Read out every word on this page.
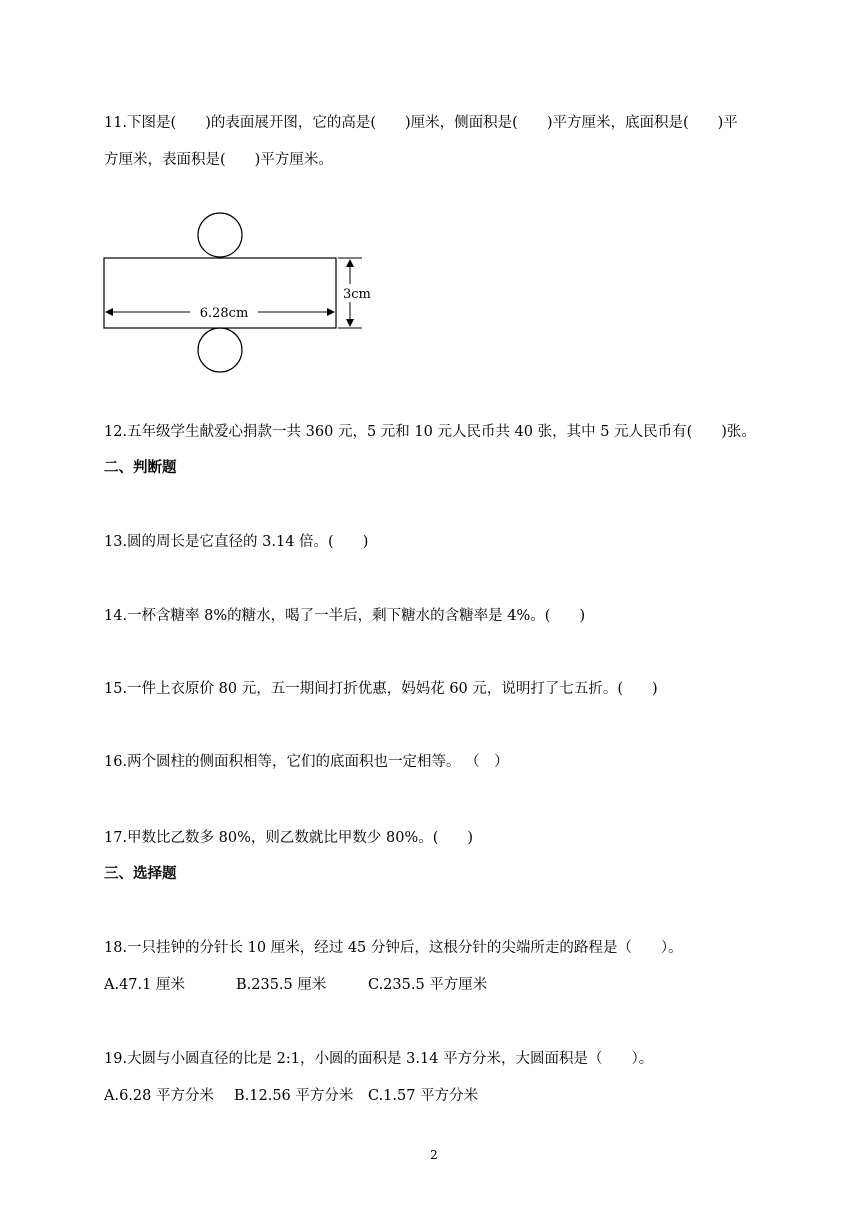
11.下图是(　　)的表面展开图，它的高是(　　)厘米，侧面积是(　　)平方厘米，底面积是(　　)平
方厘米，表面积是(　　)平方厘米。
6.28cm
3cm
12.五年级学生献爱心捐款一共 360 元，5 元和 10 元人民币共 40 张，其中 5 元人民币有(　　)张。
二、判断题
13.圆的周长是它直径的 3.14 倍。(　　)
14.一杯含糖率 8%的糖水，喝了一半后，剩下糖水的含糖率是 4%。(　　)
15.一件上衣原价 80 元，五一期间打折优惠，妈妈花 60 元，说明打了七五折。(　　)
16.两个圆柱的侧面积相等，它们的底面积也一定相等。 （　）
17.甲数比乙数多 80%，则乙数就比甲数少 80%。(　　)
三、选择题
18.一只挂钟的分针长 10 厘米，经过 45 分钟后，这根分针的尖端所走的路程是（　　）。
A.47.1 厘米	B.235.5 厘米	C.235.5 平方厘米
19.大圆与小圆直径的比是 2:1，小圆的面积是 3.14 平方分米，大圆面积是（　　）。
A.6.28 平方分米	B.12.56 平方分米	C.1.57 平方分米
2
